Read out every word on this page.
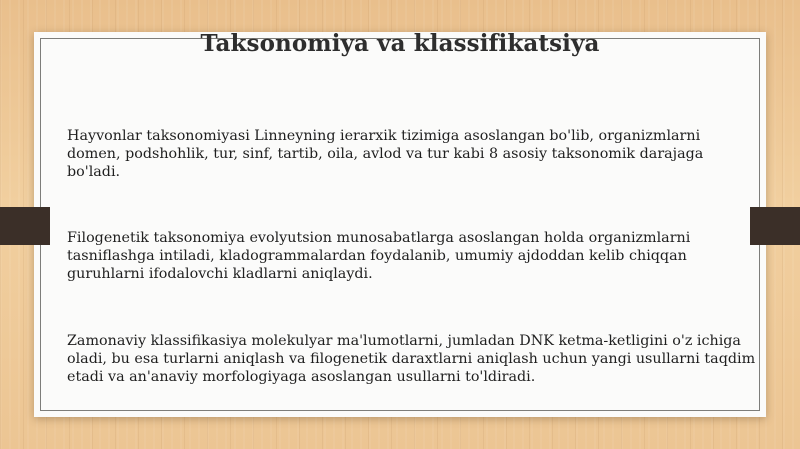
Taksonomiya va klassifikatsiya

Hayvonlar taksonomiyasi Linneyning ierarxik tizimiga asoslangan bo'lib, organizmlarni domen, podshohlik, tur, sinf, tartib, oila, avlod va tur kabi 8 asosiy taksonomik darajaga bo'ladi.

Filogenetik taksonomiya evolyutsion munosabatlarga asoslangan holda organizmlarni tasniflashga intiladi, kladogrammalardan foydalanib, umumiy ajdoddan kelib chiqqan guruhlarni ifodalovchi kladlarni aniqlaydi.

Zamonaviy klassifikasiya molekulyar ma'lumotlarni, jumladan DNK ketma-ketligini o'z ichiga oladi, bu esa turlarni aniqlash va filogenetik daraxtlarni aniqlash uchun yangi usullarni taqdim etadi va an'anaviy morfologiyaga asoslangan usullarni to'ldiradi.
